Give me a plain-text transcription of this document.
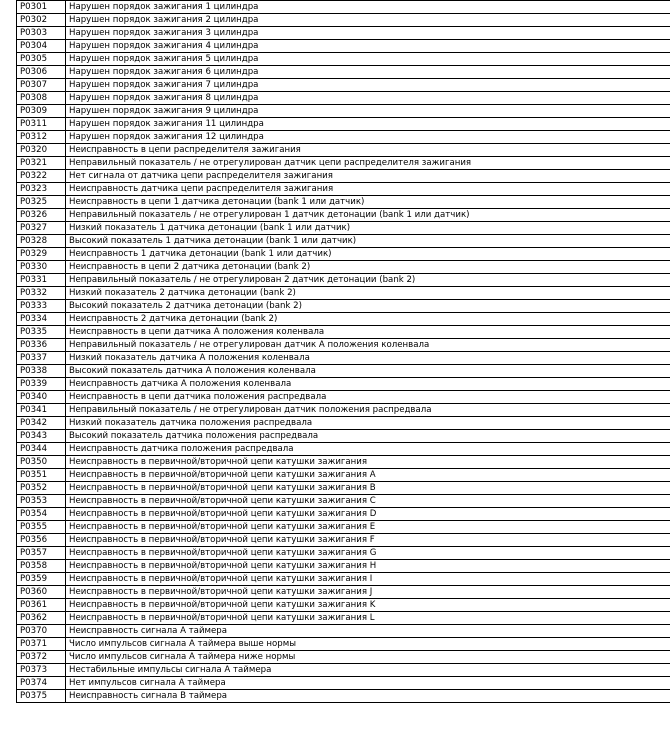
P0301	Нарушен порядок зажигания 1 цилиндра
P0302	Нарушен порядок зажигания 2 цилиндра
P0303	Нарушен порядок зажигания 3 цилиндра
P0304	Нарушен порядок зажигания 4 цилиндра
P0305	Нарушен порядок зажигания 5 цилиндра
P0306	Нарушен порядок зажигания 6 цилиндра
P0307	Нарушен порядок зажигания 7 цилиндра
P0308	Нарушен порядок зажигания 8 цилиндра
P0309	Нарушен порядок зажигания 9 цилиндра
P0311	Нарушен порядок зажигания 11 цилиндра
P0312	Нарушен порядок зажигания 12 цилиндра
P0320	Неисправность в цепи распределителя зажигания
P0321	Неправильный показатель / не отрегулирован датчик цепи распределителя зажигания
P0322	Нет сигнала от датчика цепи распределителя зажигания
P0323	Неисправность датчика цепи распределителя зажигания
P0325	Неисправность в цепи 1 датчика детонации (bank 1 или датчик)
P0326	Неправильный показатель / не отрегулирован 1 датчик детонации (bank 1 или датчик)
P0327	Низкий показатель 1 датчика детонации (bank 1 или датчик)
P0328	Высокий показатель 1 датчика детонации (bank 1 или датчик)
P0329	Неисправность 1 датчика детонации (bank 1 или датчик)
P0330	Неисправность в цепи 2 датчика детонации (bank 2)
P0331	Неправильный показатель / не отрегулирован 2 датчик детонации (bank 2)
P0332	Низкий показатель 2 датчика детонации (bank 2)
P0333	Высокий показатель 2 датчика детонации (bank 2)
P0334	Неисправность 2 датчика детонации (bank 2)
P0335	Неисправность в цепи датчика А положения коленвала
P0336	Неправильный показатель / не отрегулирован датчик А положения коленвала
P0337	Низкий показатель датчика А положения коленвала
P0338	Высокий показатель датчика А положения коленвала
P0339	Неисправность датчика А положения коленвала
P0340	Неисправность в цепи датчика положения распредвала
P0341	Неправильный показатель / не отрегулирован датчик положения распредвала
P0342	Низкий показатель датчика положения распредвала
P0343	Высокий показатель датчика положения распредвала
P0344	Неисправность датчика положения распредвала
P0350	Неисправность в первичной/вторичной цепи катушки зажигания
P0351	Неисправность в первичной/вторичной цепи катушки зажигания А
P0352	Неисправность в первичной/вторичной цепи катушки зажигания В
P0353	Неисправность в первичной/вторичной цепи катушки зажигания С
P0354	Неисправность в первичной/вторичной цепи катушки зажигания D
P0355	Неисправность в первичной/вторичной цепи катушки зажигания Е
P0356	Неисправность в первичной/вторичной цепи катушки зажигания F
P0357	Неисправность в первичной/вторичной цепи катушки зажигания G
P0358	Неисправность в первичной/вторичной цепи катушки зажигания H
P0359	Неисправность в первичной/вторичной цепи катушки зажигания I
P0360	Неисправность в первичной/вторичной цепи катушки зажигания J
P0361	Неисправность в первичной/вторичной цепи катушки зажигания K
P0362	Неисправность в первичной/вторичной цепи катушки зажигания L
P0370	Неисправность сигнала А таймера
P0371	Число импульсов сигнала А таймера выше нормы
P0372	Число импульсов сигнала А таймера ниже нормы
P0373	Нестабильные импульсы сигнала А таймера
P0374	Нет импульсов сигнала А таймера
P0375	Неисправность сигнала В таймера
